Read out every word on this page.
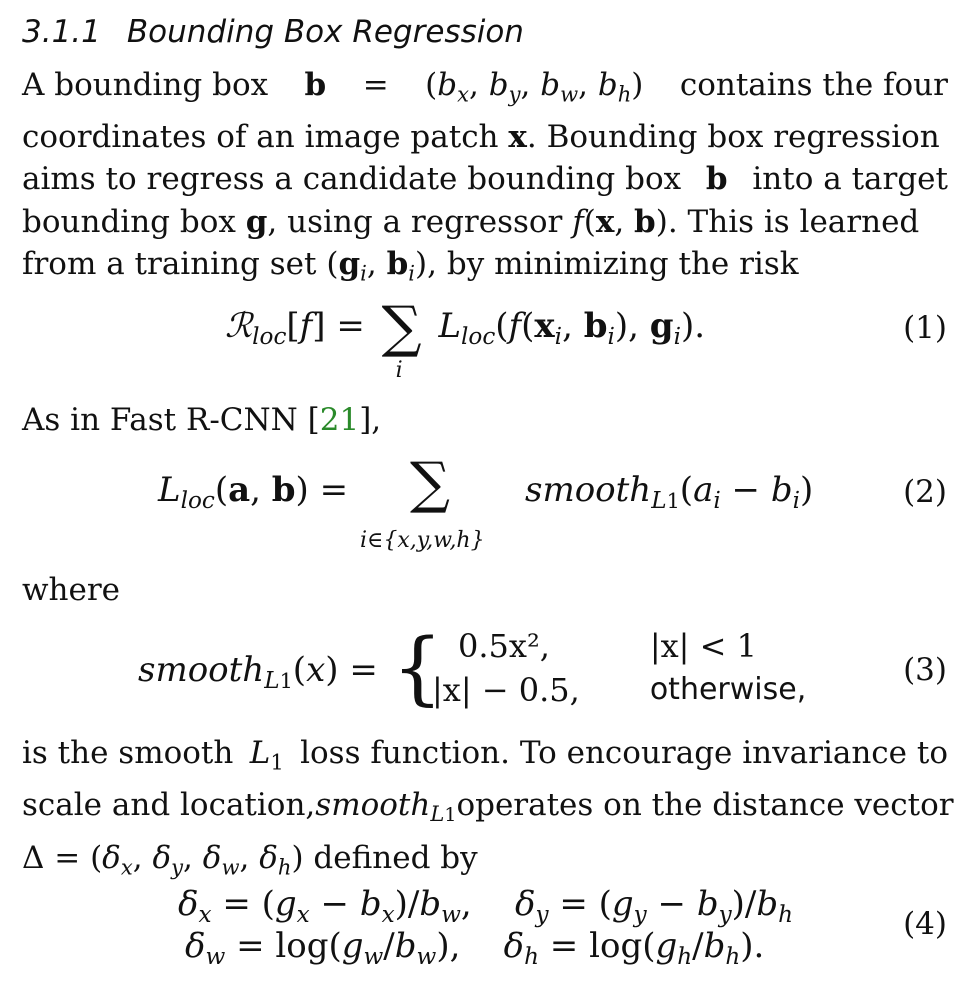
3.1.1 Bounding Box Regression
A bounding box $b = (b_x$, $b_y$, $b_w$, $b_h$) contains the four
coordinates of an image patch x. Bounding box regression
aims to regress a candidate bounding box b into a target
bounding box g, using a regressor f(x, b). This is learned
from a training set ($g_i$, $b_i$), by minimizing the risk
ℛ$_{loc}$[f] = ∑
i
$L_{loc}(f(x_i$, $b_i$), $g_i$).	(1)
As in Fast R-CNN [21],
$L_{loc}(a$, b) = ∑
i∈{x,y,w,h}
$smooth_{L1}(a_i - b_i)$	(2)
where
smooth$_{L1}$(x) = { 0.5x²,	|x| < 1
|x| − 0.5,	otherwise,
(3)
is the smooth $L_1$ loss function. To encourage invariance to
scale and location, smooth$_{L1}$ operates on the distance vector
$\Delta = (\delta_x$, $\delta_y$, $\delta_w$, $\delta_h$) defined by
$\delta_x = (g_x - b_x)/b_w$,    $\delta_y = (g_y - b_y)/b_h$
$\delta_w = \log(g_w/b_w)$,    $\delta_h = \log(g_h/b_h)$.
(4)
